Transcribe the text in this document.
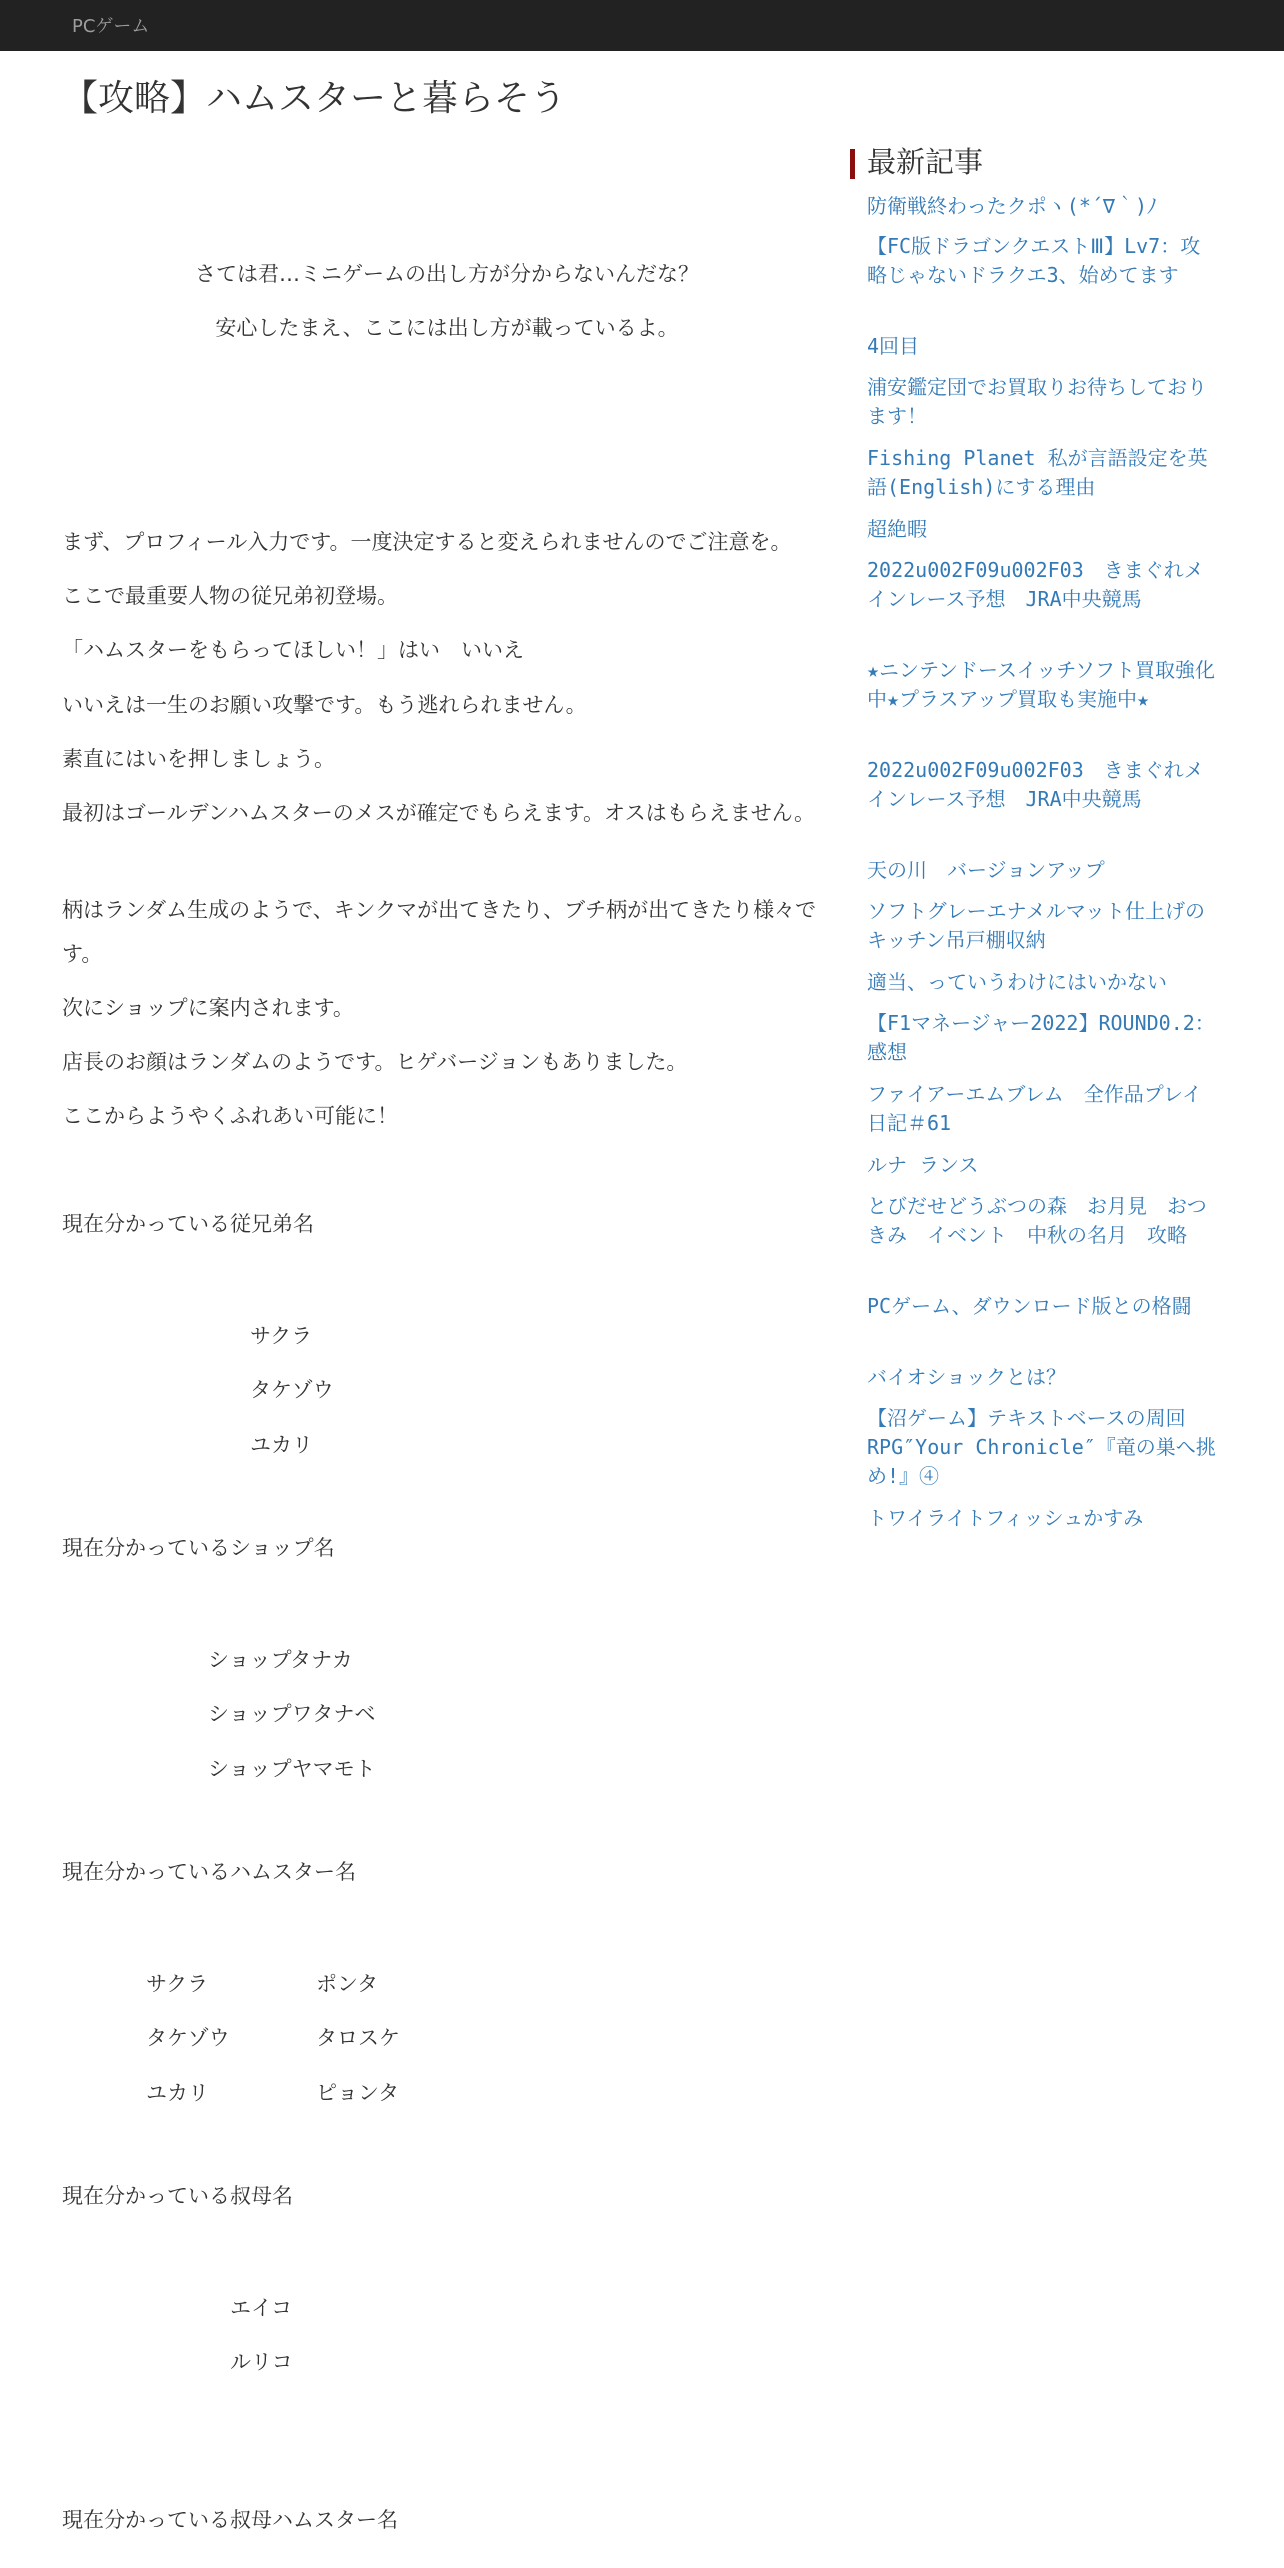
PCゲーム
【攻略】ハムスターと暮らそう

さては君…ミニゲームの出し方が分からないんだな？

安心したまえ、ここには出し方が載っているよ。

まず、プロフィール入力です。一度決定すると変えられませんのでご注意を。

ここで最重要人物の従兄弟初登場。

「ハムスターをもらってほしい！」はい　いいえ

いいえは一生のお願い攻撃です。もう逃れられません。

素直にはいを押しましょう。

最初はゴールデンハムスターのメスが確定でもらえます。オスはもらえません。

柄はランダム生成のようで、キンクマが出てきたり、ブチ柄が出てきたり様々です。

次にショップに案内されます。

店長のお顔はランダムのようです。ヒゲバージョンもありました。

ここからようやくふれあい可能に！

現在分かっている従兄弟名

サクラ

タケゾウ

ユカリ

現在分かっているショップ名

ショップタナカ

ショップワタナベ

ショップヤマモト

現在分かっているハムスター名

サクラ

タケゾウ

ユカリ

ポンタ

タロスケ

ピョンタ

現在分かっている叔母名

エイコ

ルリコ

現在分かっている叔母ハムスター名

最新記事
防衛戦終わったクポヽ(*´∇｀)ﾉ
【FC版ドラゴンクエストⅢ】Lv7：攻略じゃないドラクエ3、始めてます
4回目
浦安鑑定団でお買取りお待ちしております！
Fishing Planet 私が言語設定を英語(English)にする理由
超絶暇
2022u002F09u002F03　きまぐれメインレース予想　JRA中央競馬
★ニンテンドースイッチソフト買取強化中★プラスアップ買取も実施中★
2022u002F09u002F03　きまぐれメインレース予想　JRA中央競馬
天の川　バージョンアップ
ソフトグレーエナメルマット仕上げのキッチン吊戸棚収納
適当、っていうわけにはいかない
【F1マネージャー2022】ROUND0.2：感想
ファイアーエムブレム　全作品プレイ日記＃61
ルナ ランス
とびだせどうぶつの森　お月見　おつきみ　イベント　中秋の名月　攻略
PCゲーム、ダウンロード版との格闘
バイオショックとは？
【沼ゲーム】テキストベースの周回RPG″Your Chronicle″『竜の巣へ挑め!』④
トワイライトフィッシュかすみ
